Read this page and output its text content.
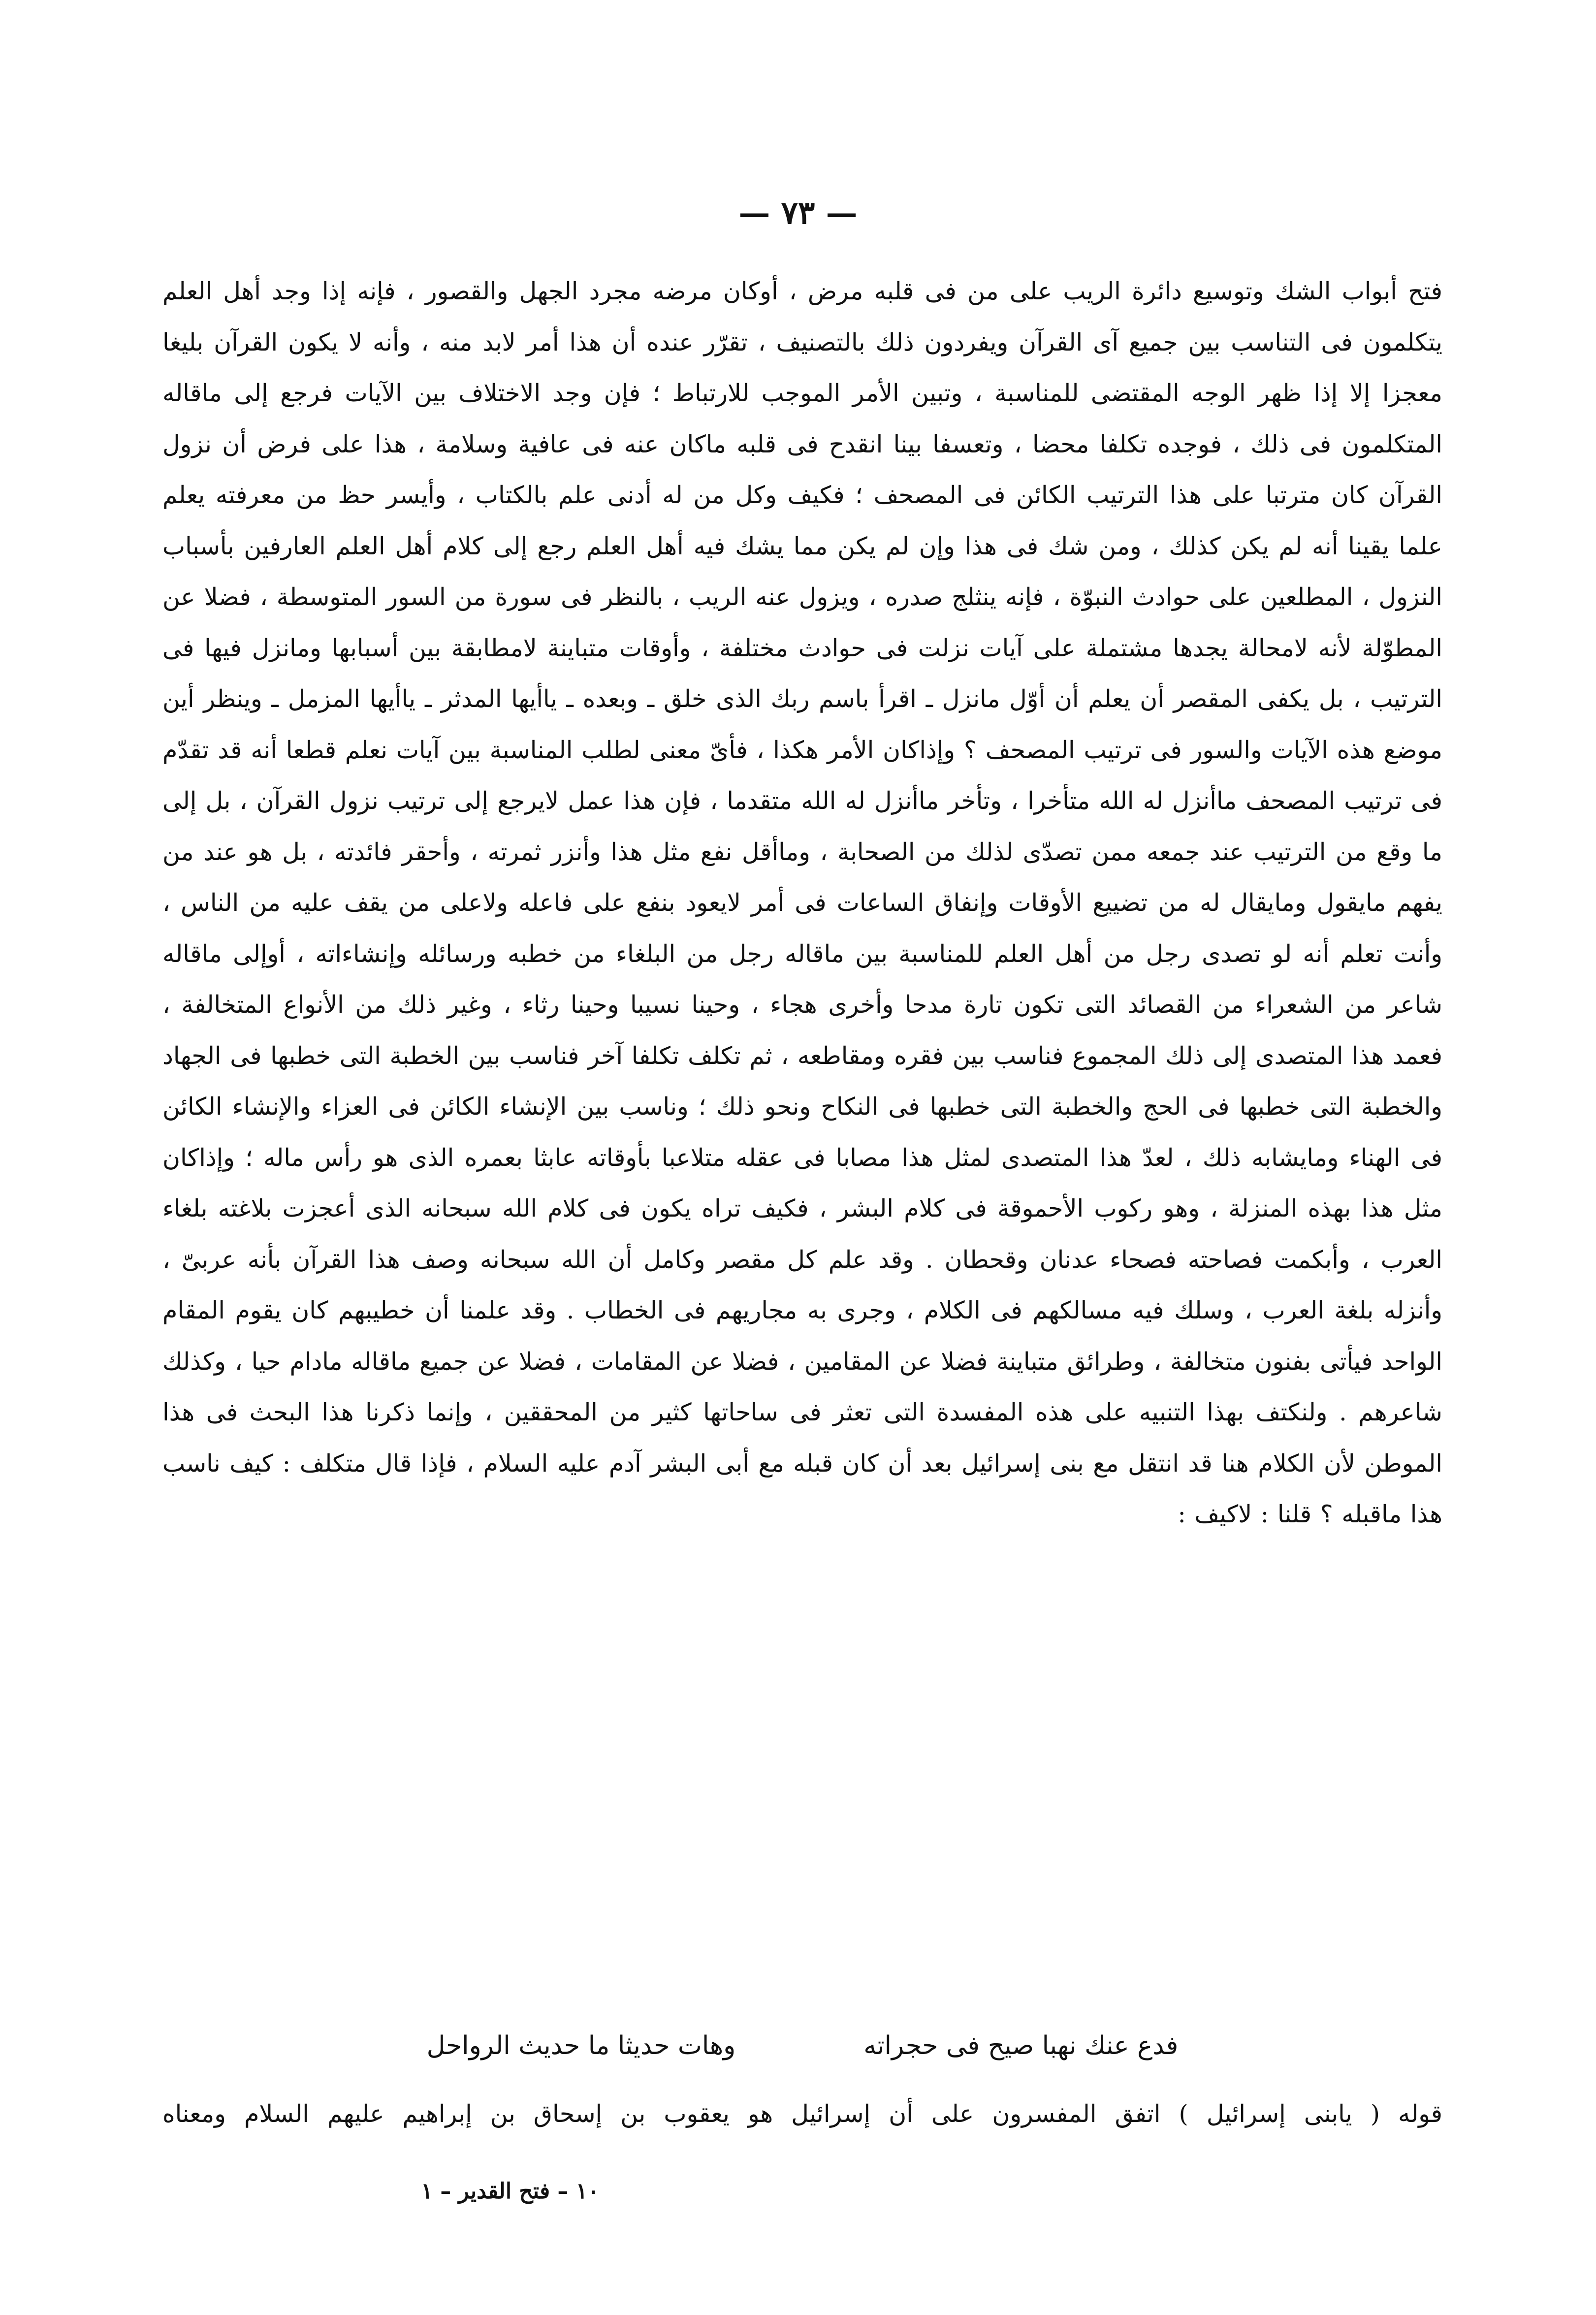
— ٧٣ —

فتح أبواب الشك وتوسيع دائرة الريب على من فى قلبه مرض ، أوكان مرضه مجرد الجهل والقصور ، فإنه إذا وجد أهل العلم يتكلمون فى التناسب بين جميع آى القرآن ويفردون ذلك بالتصنيف ، تقرّر عنده أن هذا أمر لابد منه ، وأنه لا يكون القرآن بليغا معجزا إلا إذا ظهر الوجه المقتضى للمناسبة ، وتبين الأمر الموجب للارتباط ؛ فإن وجد الاختلاف بين الآيات فرجع إلى ماقاله المتكلمون فى ذلك ، فوجده تكلفا محضا ، وتعسفا بينا انقدح فى قلبه ماكان عنه فى عافية وسلامة ، هذا على فرض أن نزول القرآن كان مترتبا على هذا الترتيب الكائن فى المصحف ؛ فكيف وكل من له أدنى علم بالكتاب ، وأيسر حظ من معرفته يعلم علما يقينا أنه لم يكن كذلك ، ومن شك فى هذا وإن لم يكن مما يشك فيه أهل العلم رجع إلى كلام أهل العلم العارفين بأسباب النزول ، المطلعين على حوادث النبوّة ، فإنه ينثلج صدره ، ويزول عنه الريب ، بالنظر فى سورة من السور المتوسطة ، فضلا عن المطوّلة لأنه لامحالة يجدها مشتملة على آيات نزلت فى حوادث مختلفة ، وأوقات متباينة لامطابقة بين أسبابها ومانزل فيها فى الترتيب ، بل يكفى المقصر أن يعلم أن أوّل مانزل ـ اقرأ باسم ربك الذى خلق ـ وبعده ـ ياأيها المدثر ـ ياأيها المزمل ـ وينظر أين موضع هذه الآيات والسور فى ترتيب المصحف ؟ وإذاكان الأمر هكذا ، فأىّ معنى لطلب المناسبة بين آيات نعلم قطعا أنه قد تقدّم فى ترتيب المصحف ماأنزل له الله متأخرا ، وتأخر ماأنزل له الله متقدما ، فإن هذا عمل لايرجع إلى ترتيب نزول القرآن ، بل إلى ما وقع من الترتيب عند جمعه ممن تصدّى لذلك من الصحابة ، وماأقل نفع مثل هذا وأنزر ثمرته ، وأحقر فائدته ، بل هو عند من يفهم مايقول ومايقال له من تضييع الأوقات وإنفاق الساعات فى أمر لايعود بنفع على فاعله ولاعلى من يقف عليه من الناس ، وأنت تعلم أنه لو تصدى رجل من أهل العلم للمناسبة بين ماقاله رجل من البلغاء من خطبه ورسائله وإنشاءاته ، أوإلى ماقاله شاعر من الشعراء من القصائد التى تكون تارة مدحا وأخرى هجاء ، وحينا نسيبا وحينا رثاء ، وغير ذلك من الأنواع المتخالفة ، فعمد هذا المتصدى إلى ذلك المجموع فناسب بين فقره ومقاطعه ، ثم تكلف تكلفا آخر فناسب بين الخطبة التى خطبها فى الجهاد والخطبة التى خطبها فى الحج والخطبة التى خطبها فى النكاح ونحو ذلك ؛ وناسب بين الإنشاء الكائن فى العزاء والإنشاء الكائن فى الهناء ومايشابه ذلك ، لعدّ هذا المتصدى لمثل هذا مصابا فى عقله متلاعبا بأوقاته عابثا بعمره الذى هو رأس ماله ؛ وإذاكان مثل هذا بهذه المنزلة ، وهو ركوب الأحموقة فى كلام البشر ، فكيف تراه يكون فى كلام الله سبحانه الذى أعجزت بلاغته بلغاء العرب ، وأبكمت فصاحته فصحاء عدنان وقحطان . وقد علم كل مقصر وكامل أن الله سبحانه وصف هذا القرآن بأنه عربىّ ، وأنزله بلغة العرب ، وسلك فيه مسالكهم فى الكلام ، وجرى به مجاريهم فى الخطاب . وقد علمنا أن خطيبهم كان يقوم المقام الواحد فيأتى بفنون متخالفة ، وطرائق متباينة فضلا عن المقامين ، فضلا عن المقامات ، فضلا عن جميع ماقاله مادام حيا ، وكذلك شاعرهم . ولنكتف بهذا التنبيه على هذه المفسدة التى تعثر فى ساحاتها كثير من المحققين ، وإنما ذكرنا هذا البحث فى هذا الموطن لأن الكلام هنا قد انتقل مع بنى إسرائيل بعد أن كان قبله مع أبى البشر آدم عليه السلام ، فإذا قال متكلف : كيف ناسب هذا ماقبله ؟ قلنا : لاكيف :

فدع عنك نهبا صيح فى حجراته
وهات حديثا ما حديث الرواحل
قوله ( يابنى إسرائيل ) اتفق المفسرون على أن إسرائيل هو يعقوب بن إسحاق بن إبراهيم عليهم السلام ومعناه
١٠ – فتح القدير – ١
